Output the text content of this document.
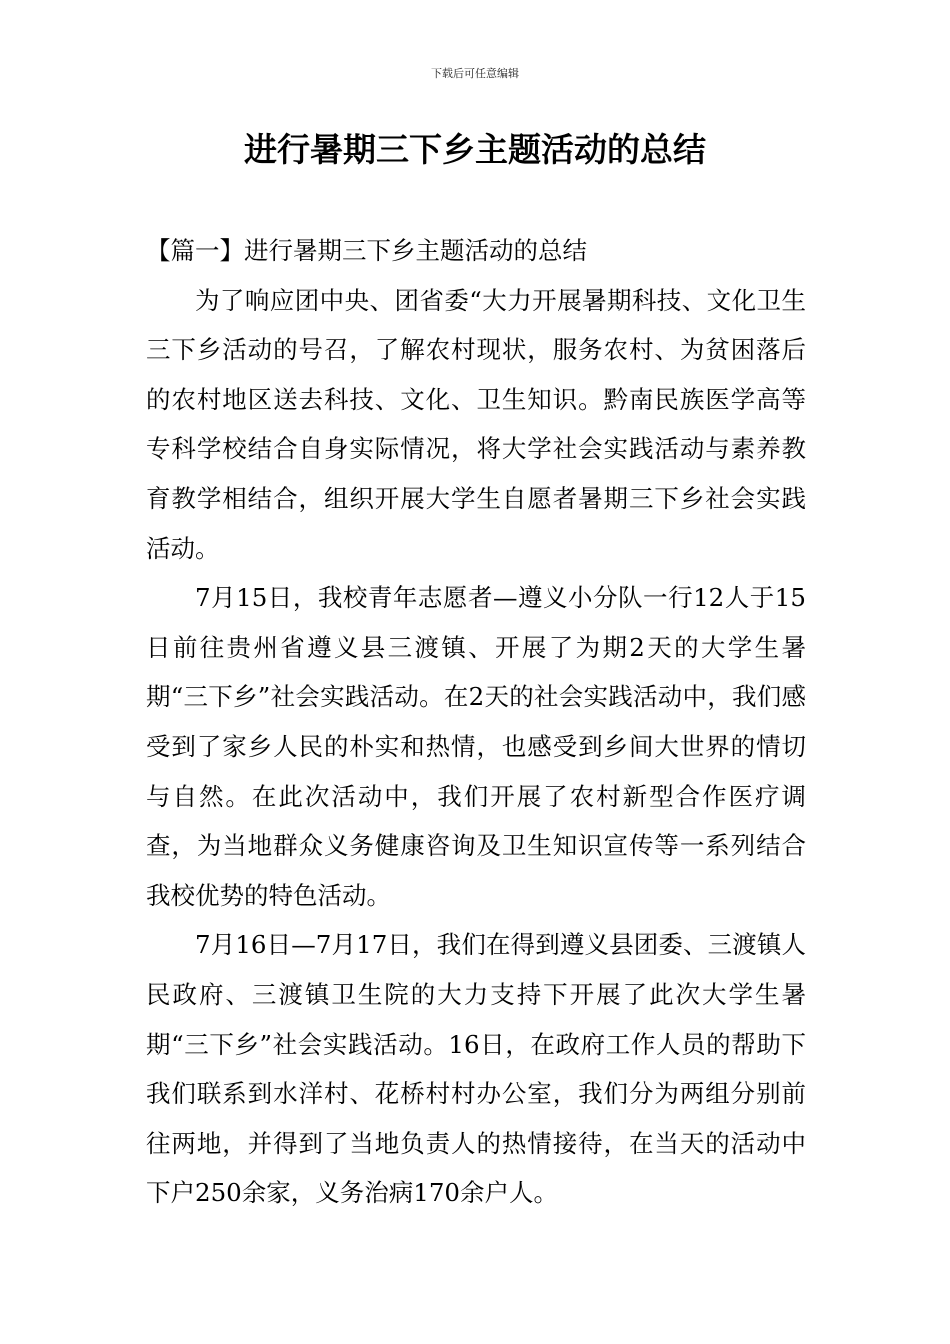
下载后可任意编辑
进行暑期三下乡主题活动的总结

【篇一】进行暑期三下乡主题活动的总结

为了响应团中央、团省委“大力开展暑期科技、文化卫生三下乡活动的号召，了解农村现状，服务农村、为贫困落后的农村地区送去科技、文化、卫生知识。黔南民族医学高等专科学校结合自身实际情况，将大学社会实践活动与素养教育教学相结合，组织开展大学生自愿者暑期三下乡社会实践活动。

7月15日，我校青年志愿者—遵义小分队一行12人于15日前往贵州省遵义县三渡镇、开展了为期2天的大学生暑期“三下乡”社会实践活动。在2天的社会实践活动中，我们感受到了家乡人民的朴实和热情，也感受到乡间大世界的情切与自然。在此次活动中，我们开展了农村新型合作医疗调查，为当地群众义务健康咨询及卫生知识宣传等一系列结合我校优势的特色活动。

7月16日—7月17日，我们在得到遵义县团委、三渡镇人民政府、三渡镇卫生院的大力支持下开展了此次大学生暑期“三下乡”社会实践活动。16日，在政府工作人员的帮助下我们联系到水洋村、花桥村村办公室，我们分为两组分别前往两地，并得到了当地负责人的热情接待，在当天的活动中下户250余家，义务治病170余户人。
